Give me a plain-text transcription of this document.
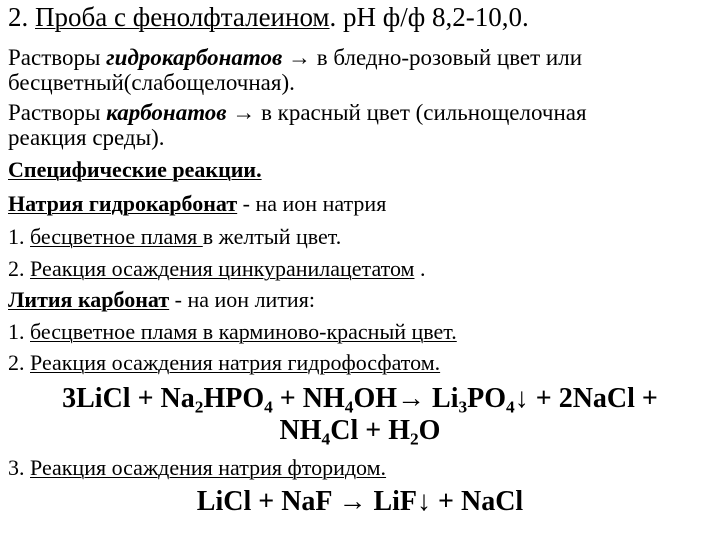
2. Проба с фенолфталеином. pH ф/ф 8,2-10,0.
Растворы гидрокарбонатов → в бледно-розовый цвет или
бесцветный(слабощелочная).
Растворы карбонатов → в красный цвет (сильнощелочная
реакция среды).
Специфические реакции.
Натрия гидрокарбонат - на ион натрия
1. бесцветное пламя в желтый цвет.
2. Реакция осаждения цинкуранилацетатом .
Лития карбонат - на ион лития:
1. бесцветное пламя в карминово-красный цвет.
2. Реакция осаждения натрия гидрофосфатом.
3LiCl + $Na_2HPO_4 + NH_4OH\to$ $Li_3PO_4↓$ + 2NaCl +
$NH_4Cl + H_2O$
3. Реакция осаждения натрия фторидом.
LiCl + NaF → LiF↓ + NaCl
